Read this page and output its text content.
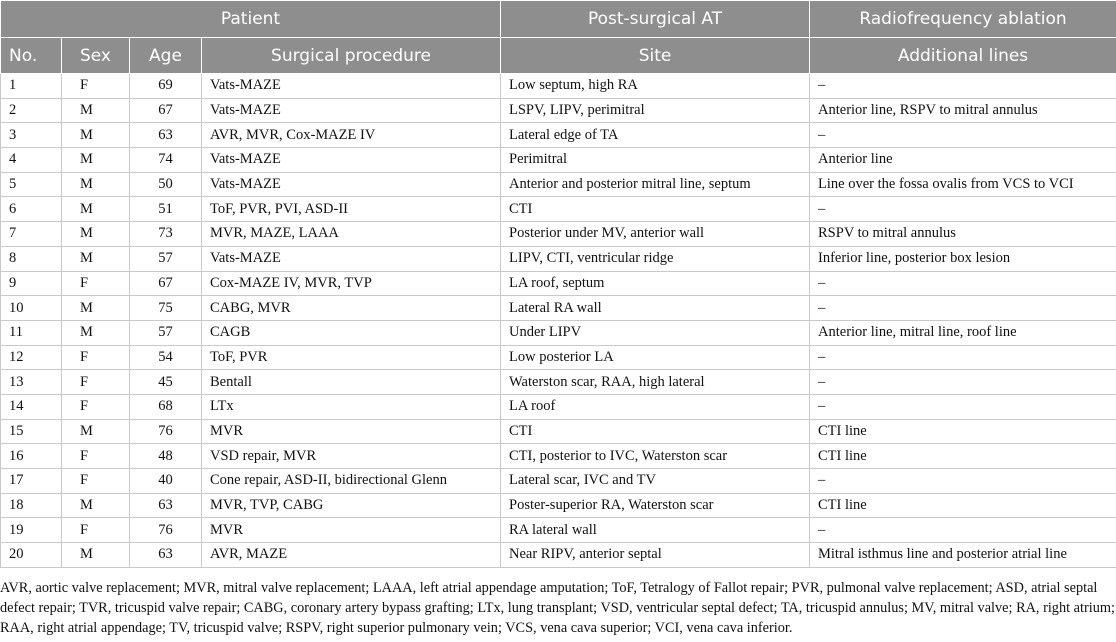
Patient				Post-surgical AT	Radiofrequency ablation
No.	Sex	Age	Surgical procedure	Site	Additional lines
1	F	69	Vats-MAZE	Low septum, high RA	–
2	M	67	Vats-MAZE	LSPV, LIPV, perimitral	Anterior line, RSPV to mitral annulus
3	M	63	AVR, MVR, Cox-MAZE IV	Lateral edge of TA	–
4	M	74	Vats-MAZE	Perimitral	Anterior line
5	M	50	Vats-MAZE	Anterior and posterior mitral line, septum	Line over the fossa ovalis from VCS to VCI
6	M	51	ToF, PVR, PVI, ASD-II	CTI	–
7	M	73	MVR, MAZE, LAAA	Posterior under MV, anterior wall	RSPV to mitral annulus
8	M	57	Vats-MAZE	LIPV, CTI, ventricular ridge	Inferior line, posterior box lesion
9	F	67	Cox-MAZE IV, MVR, TVP	LA roof, septum	–
10	M	75	CABG, MVR	Lateral RA wall	–
11	M	57	CAGB	Under LIPV	Anterior line, mitral line, roof line
12	F	54	ToF, PVR	Low posterior LA	–
13	F	45	Bentall	Waterston scar, RAA, high lateral	–
14	F	68	LTx	LA roof	–
15	M	76	MVR	CTI	CTI line
16	F	48	VSD repair, MVR	CTI, posterior to IVC, Waterston scar	CTI line
17	F	40	Cone repair, ASD-II, bidirectional Glenn	Lateral scar, IVC and TV	–
18	M	63	MVR, TVP, CABG	Poster-superior RA, Waterston scar	CTI line
19	F	76	MVR	RA lateral wall	–
20	M	63	AVR, MAZE	Near RIPV, anterior septal	Mitral isthmus line and posterior atrial line
AVR, aortic valve replacement; MVR, mitral valve replacement; LAAA, left atrial appendage amputation; ToF, Tetralogy of Fallot repair; PVR, pulmonal valve replacement; ASD, atrial septal defect repair; TVR, tricuspid valve repair; CABG, coronary artery bypass grafting; LTx, lung transplant; VSD, ventricular septal defect; TA, tricuspid annulus; MV, mitral valve; RA, right atrium; RAA, right atrial appendage; TV, tricuspid valve; RSPV, right superior pulmonary vein; VCS, vena cava superior; VCI, vena cava inferior.
